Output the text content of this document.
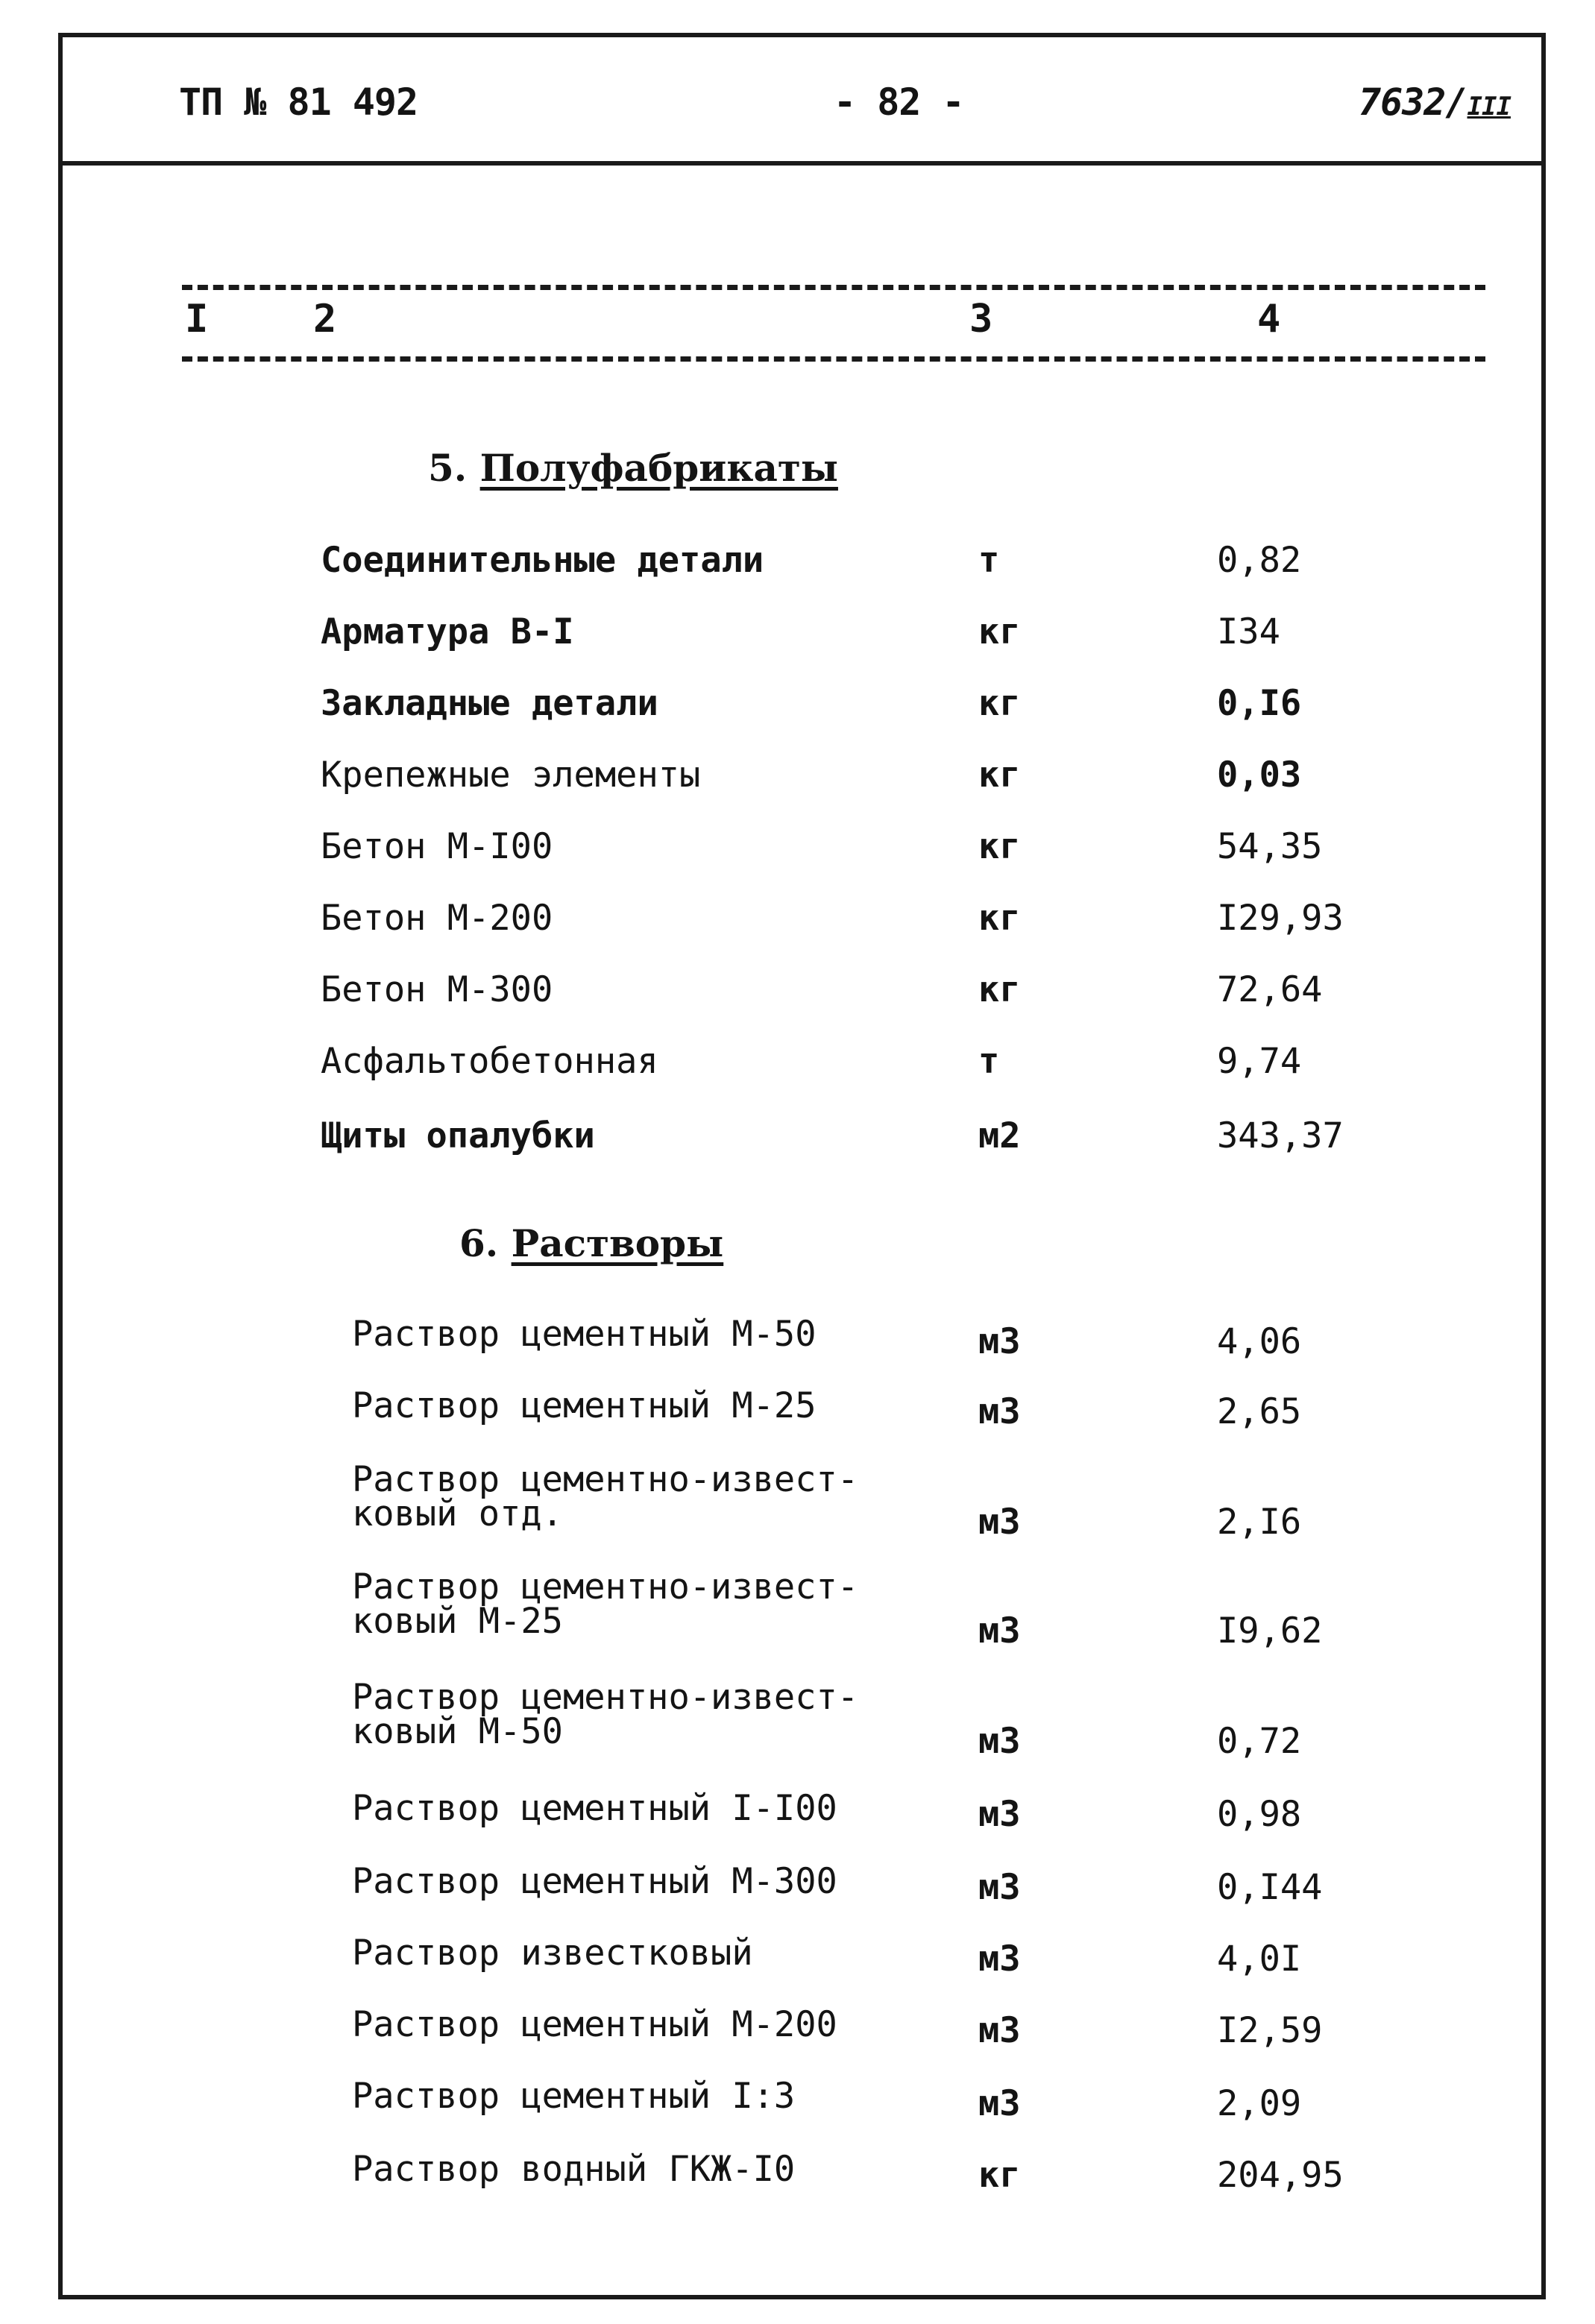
ТП № 81 492	- 82 -	7632/III
I	2	3	4
5. Полуфабрикаты
Соединительные детали	т	0,82
Арматура В-I	кг	I34
Закладные детали	кг	0,I6
Крепежные элементы	кг	0,03
Бетон М-I00	кг	54,35
Бетон М-200	кг	I29,93
Бетон М-300	кг	72,64
Асфальтобетонная	т	9,74
Щиты опалубки	м2	343,37
6. Растворы
Раствор цементный М-50	м3	4,06
Раствор цементный М-25	м3	2,65
Раствор цементно-извест-
ковый отд.	м3	2,I6
Раствор цементно-извест-
ковый М-25	м3	I9,62
Раствор цементно-извест-
ковый М-50	м3	0,72
Раствор цементный I-I00	м3	0,98
Раствор цементный М-300	м3	0,I44
Раствор известковый	м3	4,0I
Раствор цементный М-200	м3	I2,59
Раствор цементный I:3	м3	2,09
Раствор водный ГКЖ-I0	кг	204,95
